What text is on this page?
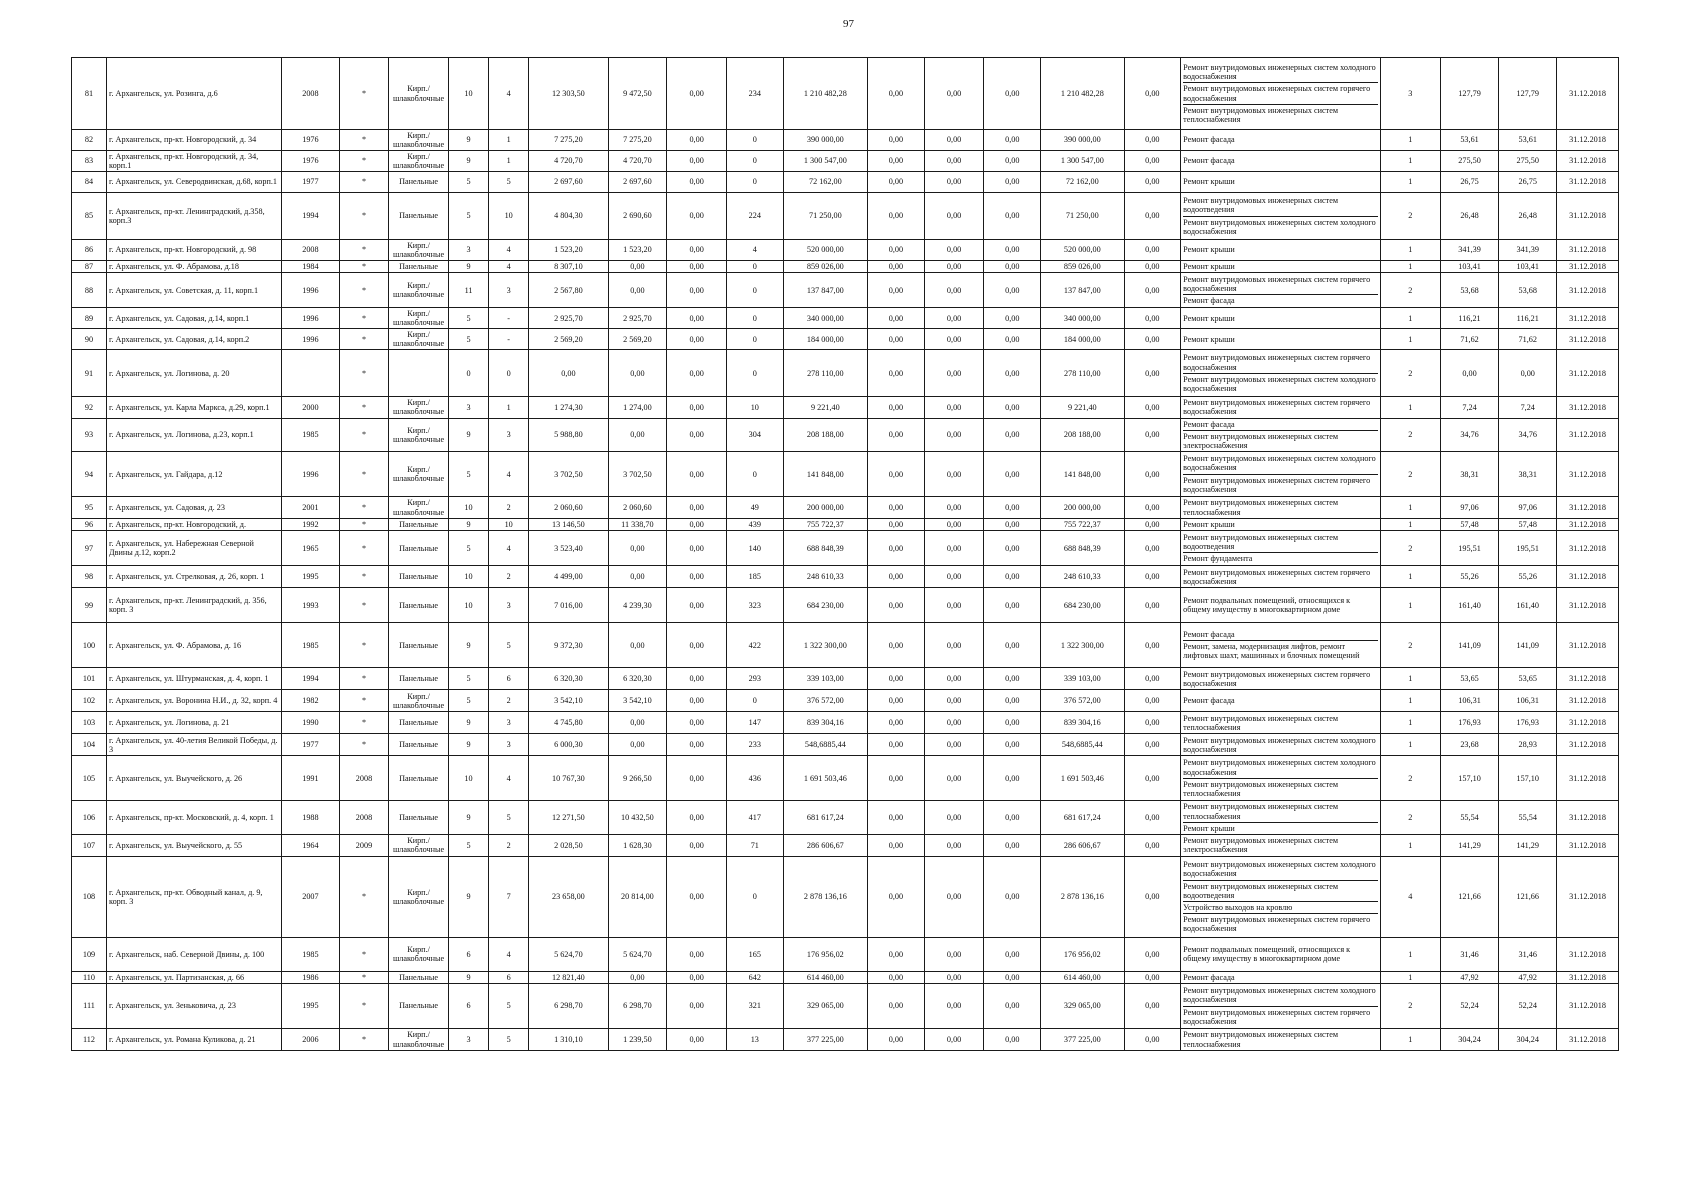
97
81	г. Архангельск, ул. Розинга, д.6	2008	*	Кирп./ шлакоблочные	10	4	12 303,50	9 472,50	0,00	234	1 210 482,28	0,00	0,00	0,00	1 210 482,28	0,00	Ремонт внутридомовых инженерных систем холодного водоснабжения
Ремонт внутридомовых инженерных систем горячего водоснабжения
Ремонт внутридомовых инженерных систем теплоснабжения	3	127,79	127,79	31.12.2018
82	г. Архангельск, пр-кт. Новгородский, д. 34	1976	*	Кирп./ шлакоблочные	9	1	7 275,20	7 275,20	0,00	0	390 000,00	0,00	0,00	0,00	390 000,00	0,00	Ремонт фасада	1	53,61	53,61	31.12.2018
83	г. Архангельск, пр-кт. Новгородский, д. 34, корп.1	1976	*	Кирп./ шлакоблочные	9	1	4 720,70	4 720,70	0,00	0	1 300 547,00	0,00	0,00	0,00	1 300 547,00	0,00	Ремонт фасада	1	275,50	275,50	31.12.2018
84	г. Архангельск, ул. Северодвинская, д.68, корп.1	1977	*	Панельные	5	5	2 697,60	2 697,60	0,00	0	72 162,00	0,00	0,00	0,00	72 162,00	0,00	Ремонт крыши	1	26,75	26,75	31.12.2018
85	г. Архангельск, пр-кт. Ленинградский, д.358, корп.3	1994	*	Панельные	5	10	4 804,30	2 690,60	0,00	224	71 250,00	0,00	0,00	0,00	71 250,00	0,00	Ремонт внутридомовых инженерных систем водоотведения
Ремонт внутридомовых инженерных систем холодного водоснабжения	2	26,48	26,48	31.12.2018
86	г. Архангельск, пр-кт. Новгородский, д. 98	2008	*	Кирп./ шлакоблочные	3	4	1 523,20	1 523,20	0,00	4	520 000,00	0,00	0,00	0,00	520 000,00	0,00	Ремонт крыши	1	341,39	341,39	31.12.2018
87	г. Архангельск, ул. Ф. Абрамова, д.18	1984	*	Панельные	9	4	8 307,10	0,00	0,00	0	859 026,00	0,00	0,00	0,00	859 026,00	0,00	Ремонт крыши	1	103,41	103,41	31.12.2018
88	г. Архангельск, ул. Советская, д. 11, корп.1	1996	*	Кирп./ шлакоблочные	11	3	2 567,80	0,00	0,00	0	137 847,00	0,00	0,00	0,00	137 847,00	0,00	Ремонт внутридомовых инженерных систем горячего водоснабжения
Ремонт фасада	2	53,68	53,68	31.12.2018
89	г. Архангельск, ул. Садовая, д.14, корп.1	1996	*	Кирп./ шлакоблочные	5	-	2 925,70	2 925,70	0,00	0	340 000,00	0,00	0,00	0,00	340 000,00	0,00	Ремонт крыши	1	116,21	116,21	31.12.2018
90	г. Архангельск, ул. Садовая, д.14, корп.2	1996	*	Кирп./ шлакоблочные	5	-	2 569,20	2 569,20	0,00	0	184 000,00	0,00	0,00	0,00	184 000,00	0,00	Ремонт крыши	1	71,62	71,62	31.12.2018
91	г. Архангельск, ул. Логинова, д. 20		*		0	0	0,00	0,00	0,00	0	278 110,00	0,00	0,00	0,00	278 110,00	0,00	Ремонт внутридомовых инженерных систем горячего водоснабжения
Ремонт внутридомовых инженерных систем холодного водоснабжения	2	0,00	0,00	31.12.2018
92	г. Архангельск, ул. Карла Маркса, д.29, корп.1	2000	*	Кирп./ шлакоблочные	3	1	1 274,30	1 274,00	0,00	10	9 221,40	0,00	0,00	0,00	9 221,40	0,00	Ремонт внутридомовых инженерных систем горячего водоснабжения	1	7,24	7,24	31.12.2018
93	г. Архангельск, ул. Логинова, д.23, корп.1	1985	*	Кирп./ шлакоблочные	9	3	5 988,80	0,00	0,00	304	208 188,00	0,00	0,00	0,00	208 188,00	0,00	Ремонт фасада
Ремонт внутридомовых инженерных систем электроснабжения	2	34,76	34,76	31.12.2018
94	г. Архангельск, ул. Гайдара, д.12	1996	*	Кирп./ шлакоблочные	5	4	3 702,50	3 702,50	0,00	0	141 848,00	0,00	0,00	0,00	141 848,00	0,00	Ремонт внутридомовых инженерных систем холодного водоснабжения
Ремонт внутридомовых инженерных систем горячего водоснабжения	2	38,31	38,31	31.12.2018
95	г. Архангельск, ул. Садовая, д. 23	2001	*	Кирп./ шлакоблочные	10	2	2 060,60	2 060,60	0,00	49	200 000,00	0,00	0,00	0,00	200 000,00	0,00	Ремонт внутридомовых инженерных систем теплоснабжения	1	97,06	97,06	31.12.2018
96	г. Архангельск, пр-кт. Новгородский, д.	1992	*	Панельные	9	10	13 146,50	11 338,70	0,00	439	755 722,37	0,00	0,00	0,00	755 722,37	0,00	Ремонт крыши	1	57,48	57,48	31.12.2018
97	г. Архангельск, ул. Набережная Северной Двины д.12, корп.2	1965	*	Панельные	5	4	3 523,40	0,00	0,00	140	688 848,39	0,00	0,00	0,00	688 848,39	0,00	Ремонт внутридомовых инженерных систем водоотведения
Ремонт фундамента	2	195,51	195,51	31.12.2018
98	г. Архангельск, ул. Стрелковая, д. 26, корп. 1	1995	*	Панельные	10	2	4 499,00	0,00	0,00	185	248 610,33	0,00	0,00	0,00	248 610,33	0,00	Ремонт внутридомовых инженерных систем горячего водоснабжения	1	55,26	55,26	31.12.2018
99	г. Архангельск, пр-кт. Ленинградский, д. 356, корп. 3	1993	*	Панельные	10	3	7 016,00	4 239,30	0,00	323	684 230,00	0,00	0,00	0,00	684 230,00	0,00	Ремонт подвальных помещений, относящихся к общему имуществу в многоквартирном доме	1	161,40	161,40	31.12.2018
100	г. Архангельск, ул. Ф. Абрамова, д. 16	1985	*	Панельные	9	5	9 372,30	0,00	0,00	422	1 322 300,00	0,00	0,00	0,00	1 322 300,00	0,00	Ремонт фасада
Ремонт, замена, модернизация лифтов, ремонт лифтовых шахт, машинных и блочных помещений	2	141,09	141,09	31.12.2018
101	г. Архангельск, ул. Штурманская, д. 4, корп. 1	1994	*	Панельные	5	6	6 320,30	6 320,30	0,00	293	339 103,00	0,00	0,00	0,00	339 103,00	0,00	Ремонт внутридомовых инженерных систем горячего водоснабжения	1	53,65	53,65	31.12.2018
102	г. Архангельск, ул. Воронина Н.И., д. 32, корп. 4	1982	*	Кирп./ шлакоблочные	5	2	3 542,10	3 542,10	0,00	0	376 572,00	0,00	0,00	0,00	376 572,00	0,00	Ремонт фасада	1	106,31	106,31	31.12.2018
103	г. Архангельск, ул. Логинова, д. 21	1990	*	Панельные	9	3	4 745,80	0,00	0,00	147	839 304,16	0,00	0,00	0,00	839 304,16	0,00	Ремонт внутридомовых инженерных систем теплоснабжения	1	176,93	176,93	31.12.2018
104	г. Архангельск, ул. 40-летия Великой Победы, д. 3	1977	*	Панельные	9	3	6 000,30	0,00	0,00	233	548,6885,44	0,00	0,00	0,00	548,6885,44	0,00	Ремонт внутридомовых инженерных систем холодного водоснабжения	1	23,68	28,93	31.12.2018
105	г. Архангельск, ул. Выучейского, д. 26	1991	2008	Панельные	10	4	10 767,30	9 266,50	0,00	436	1 691 503,46	0,00	0,00	0,00	1 691 503,46	0,00	Ремонт внутридомовых инженерных систем холодного водоснабжения
Ремонт внутридомовых инженерных систем теплоснабжения	2	157,10	157,10	31.12.2018
106	г. Архангельск, пр-кт. Московский, д. 4, корп. 1	1988	2008	Панельные	9	5	12 271,50	10 432,50	0,00	417	681 617,24	0,00	0,00	0,00	681 617,24	0,00	Ремонт внутридомовых инженерных систем теплоснабжения
Ремонт крыши	2	55,54	55,54	31.12.2018
107	г. Архангельск, ул. Выучейского, д. 55	1964	2009	Кирп./ шлакоблочные	5	2	2 028,50	1 628,30	0,00	71	286 606,67	0,00	0,00	0,00	286 606,67	0,00	Ремонт внутридомовых инженерных систем электроснабжения	1	141,29	141,29	31.12.2018
108	г. Архангельск, пр-кт. Обводный канал, д. 9, корп. 3	2007	*	Кирп./ шлакоблочные	9	7	23 658,00	20 814,00	0,00	0	2 878 136,16	0,00	0,00	0,00	2 878 136,16	0,00	Ремонт внутридомовых инженерных систем холодного водоснабжения
Ремонт внутридомовых инженерных систем водоотведения
Устройство выходов на кровлю
Ремонт внутридомовых инженерных систем горячего водоснабжения	4	121,66	121,66	31.12.2018
109	г. Архангельск, наб. Северной Двины, д. 100	1985	*	Кирп./ шлакоблочные	6	4	5 624,70	5 624,70	0,00	165	176 956,02	0,00	0,00	0,00	176 956,02	0,00	Ремонт подвальных помещений, относящихся к общему имуществу в многоквартирном доме	1	31,46	31,46	31.12.2018
110	г. Архангельск, ул. Партизанская, д. 66	1986	*	Панельные	9	6	12 821,40	0,00	0,00	642	614 460,00	0,00	0,00	0,00	614 460,00	0,00	Ремонт фасада	1	47,92	47,92	31.12.2018
111	г. Архангельск, ул. Зеньковича, д. 23	1995	*	Панельные	6	5	6 298,70	6 298,70	0,00	321	329 065,00	0,00	0,00	0,00	329 065,00	0,00	Ремонт внутридомовых инженерных систем холодного водоснабжения
Ремонт внутридомовых инженерных систем горячего водоснабжения	2	52,24	52,24	31.12.2018
112	г. Архангельск, ул. Романа Куликова, д. 21	2006	*	Кирп./ шлакоблочные	3	5	1 310,10	1 239,50	0,00	13	377 225,00	0,00	0,00	0,00	377 225,00	0,00	Ремонт внутридомовых инженерных систем теплоснабжения	1	304,24	304,24	31.12.2018
